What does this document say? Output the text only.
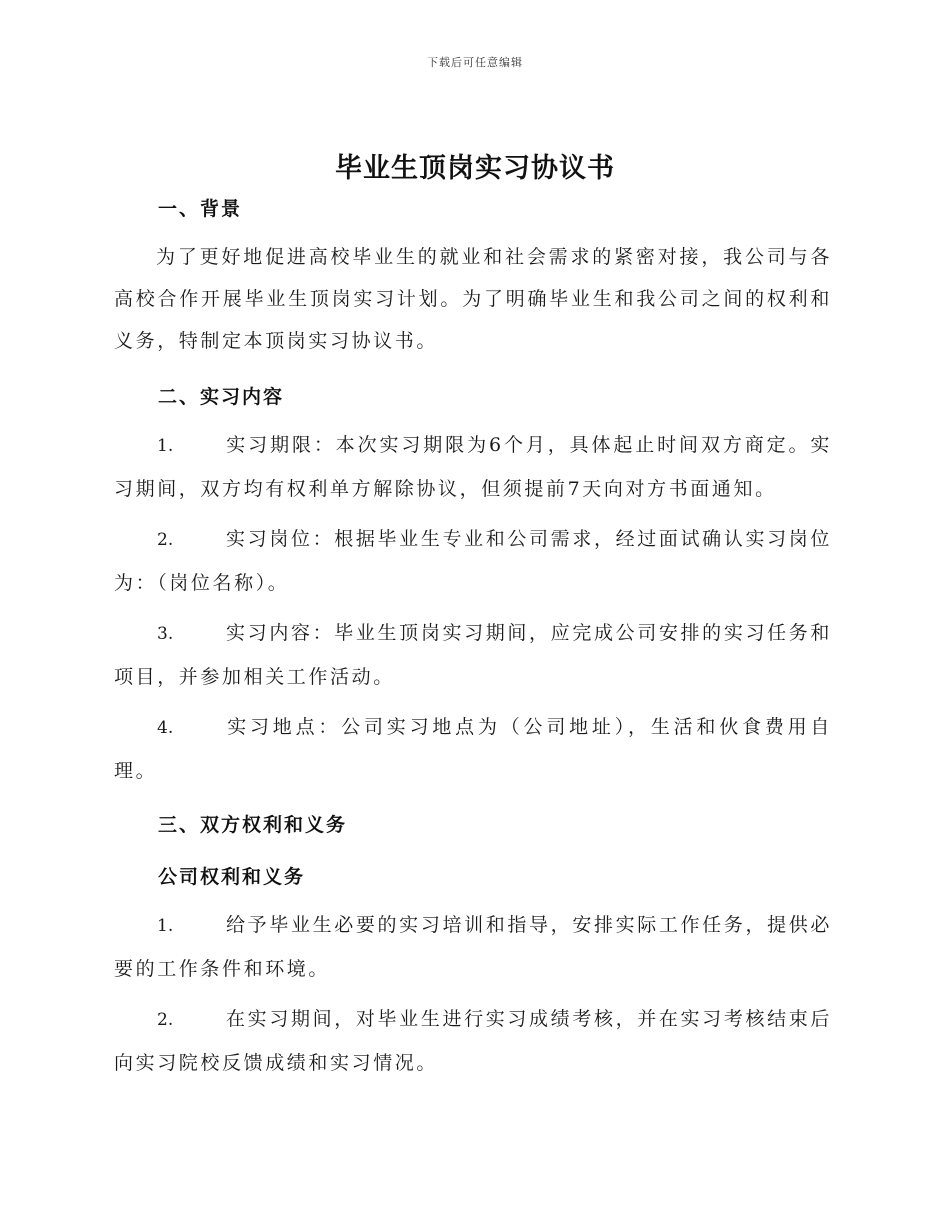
下载后可任意编辑
毕业生顶岗实习协议书
一、背景
为了更好地促进高校毕业生的就业和社会需求的紧密对接，我公司与各高校合作开展毕业生顶岗实习计划。为了明确毕业生和我公司之间的权利和义务，特制定本顶岗实习协议书。
二、实习内容
1.	实习期限：本次实习期限为6个月，具体起止时间双方商定。实习期间，双方均有权利单方解除协议，但须提前7天向对方书面通知。
2.	实习岗位：根据毕业生专业和公司需求，经过面试确认实习岗位为：（岗位名称）。
3.	实习内容：毕业生顶岗实习期间，应完成公司安排的实习任务和项目，并参加相关工作活动。
4.	实习地点：公司实习地点为（公司地址），生活和伙食费用自理。
三、双方权利和义务
公司权利和义务
1.	给予毕业生必要的实习培训和指导，安排实际工作任务，提供必要的工作条件和环境。
2.	在实习期间，对毕业生进行实习成绩考核，并在实习考核结束后向实习院校反馈成绩和实习情况。
